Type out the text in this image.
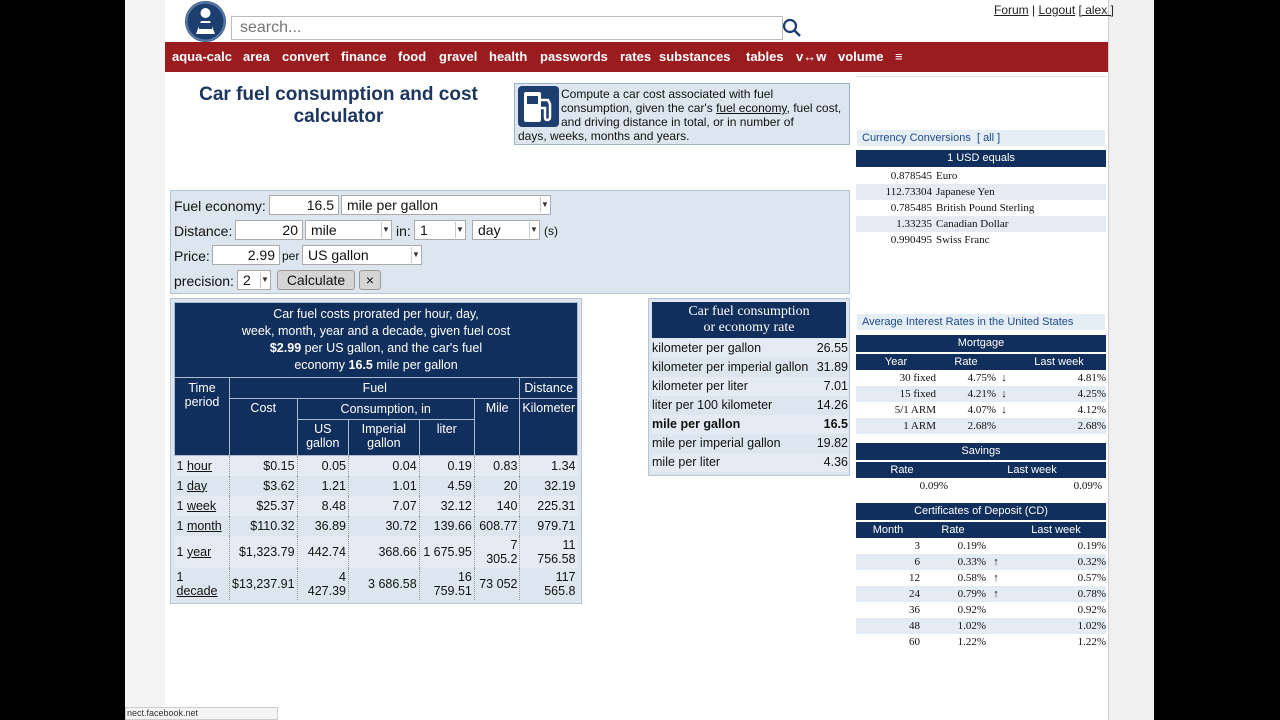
search...
Forum | Logout [ alex ]
aqua-calc area convert finance food gravel health passwords rates substances tables v↔w volume ≡
Car fuel consumption and cost calculator
Compute a car cost associated with fuel consumption, given the car's fuel economy, fuel cost, and driving distance in total, or in number of
days, weeks, months and years.
Fuel economy:	16.5 mile per gallon	▼
Distance:	20 mile	▼ in: 1	▼	day	▼ (s)
Price:	2.99 per US gallon	▼
precision: 2 ▼	Calculate	×
Car fuel costs prorated per hour, day,
week, month, year and a decade, given fuel cost
$2.99 per US gallon, and the car's fuel
economy 16.5 mile per gallon						
Time period	Fuel					Distance
	Cost	Consumption, in			Mile	Kilometer
		US gallon	Imperial gallon	liter		
1 hour	$0.15	0.05	0.04	0.19	0.83	1.34
1 day	$3.62	1.21	1.01	4.59	20	32.19
1 week	$25.37	8.48	7.07	32.12	140	225.31
1 month	$110.32	36.89	30.72	139.66	608.77	979.71
1 year	$1,323.79	442.74	368.66	1 675.95	7 305.2	11 756.58
1 decade	$13,237.91	4 427.39	3 686.58	16 759.51	73 052	117 565.8
Car fuel consumption
or economy rate
kilometer per gallon	26.55
kilometer per imperial gallon	31.89
kilometer per liter	7.01
liter per 100 kilometer	14.26
mile per gallon	16.5
mile per imperial gallon	19.82
mile per liter	4.36
Currency Conversions [ all ]
1 USD equals
0.878545 Euro
112.73304 Japanese Yen
0.785485 British Pound Sterling
1.33235 Canadian Dollar
0.990495 Swiss Franc
Average Interest Rates in the United States
Mortgage
Year	Rate	Last week
30 fixed	4.75% ↓	4.81%
15 fixed	4.21% ↓	4.25%
5/1 ARM	4.07% ↓	4.12%
1 ARM	2.68%	2.68%
Savings
Rate	Last week
0.09%	0.09%
Certificates of Deposit (CD)
Month	Rate	Last week
3	0.19%	0.19%
6	0.33% ↑	0.32%
12	0.58% ↑	0.57%
24	0.79% ↑	0.78%
36	0.92%	0.92%
48	1.02%	1.02%
60	1.22%	1.22%
nect.facebook.net
